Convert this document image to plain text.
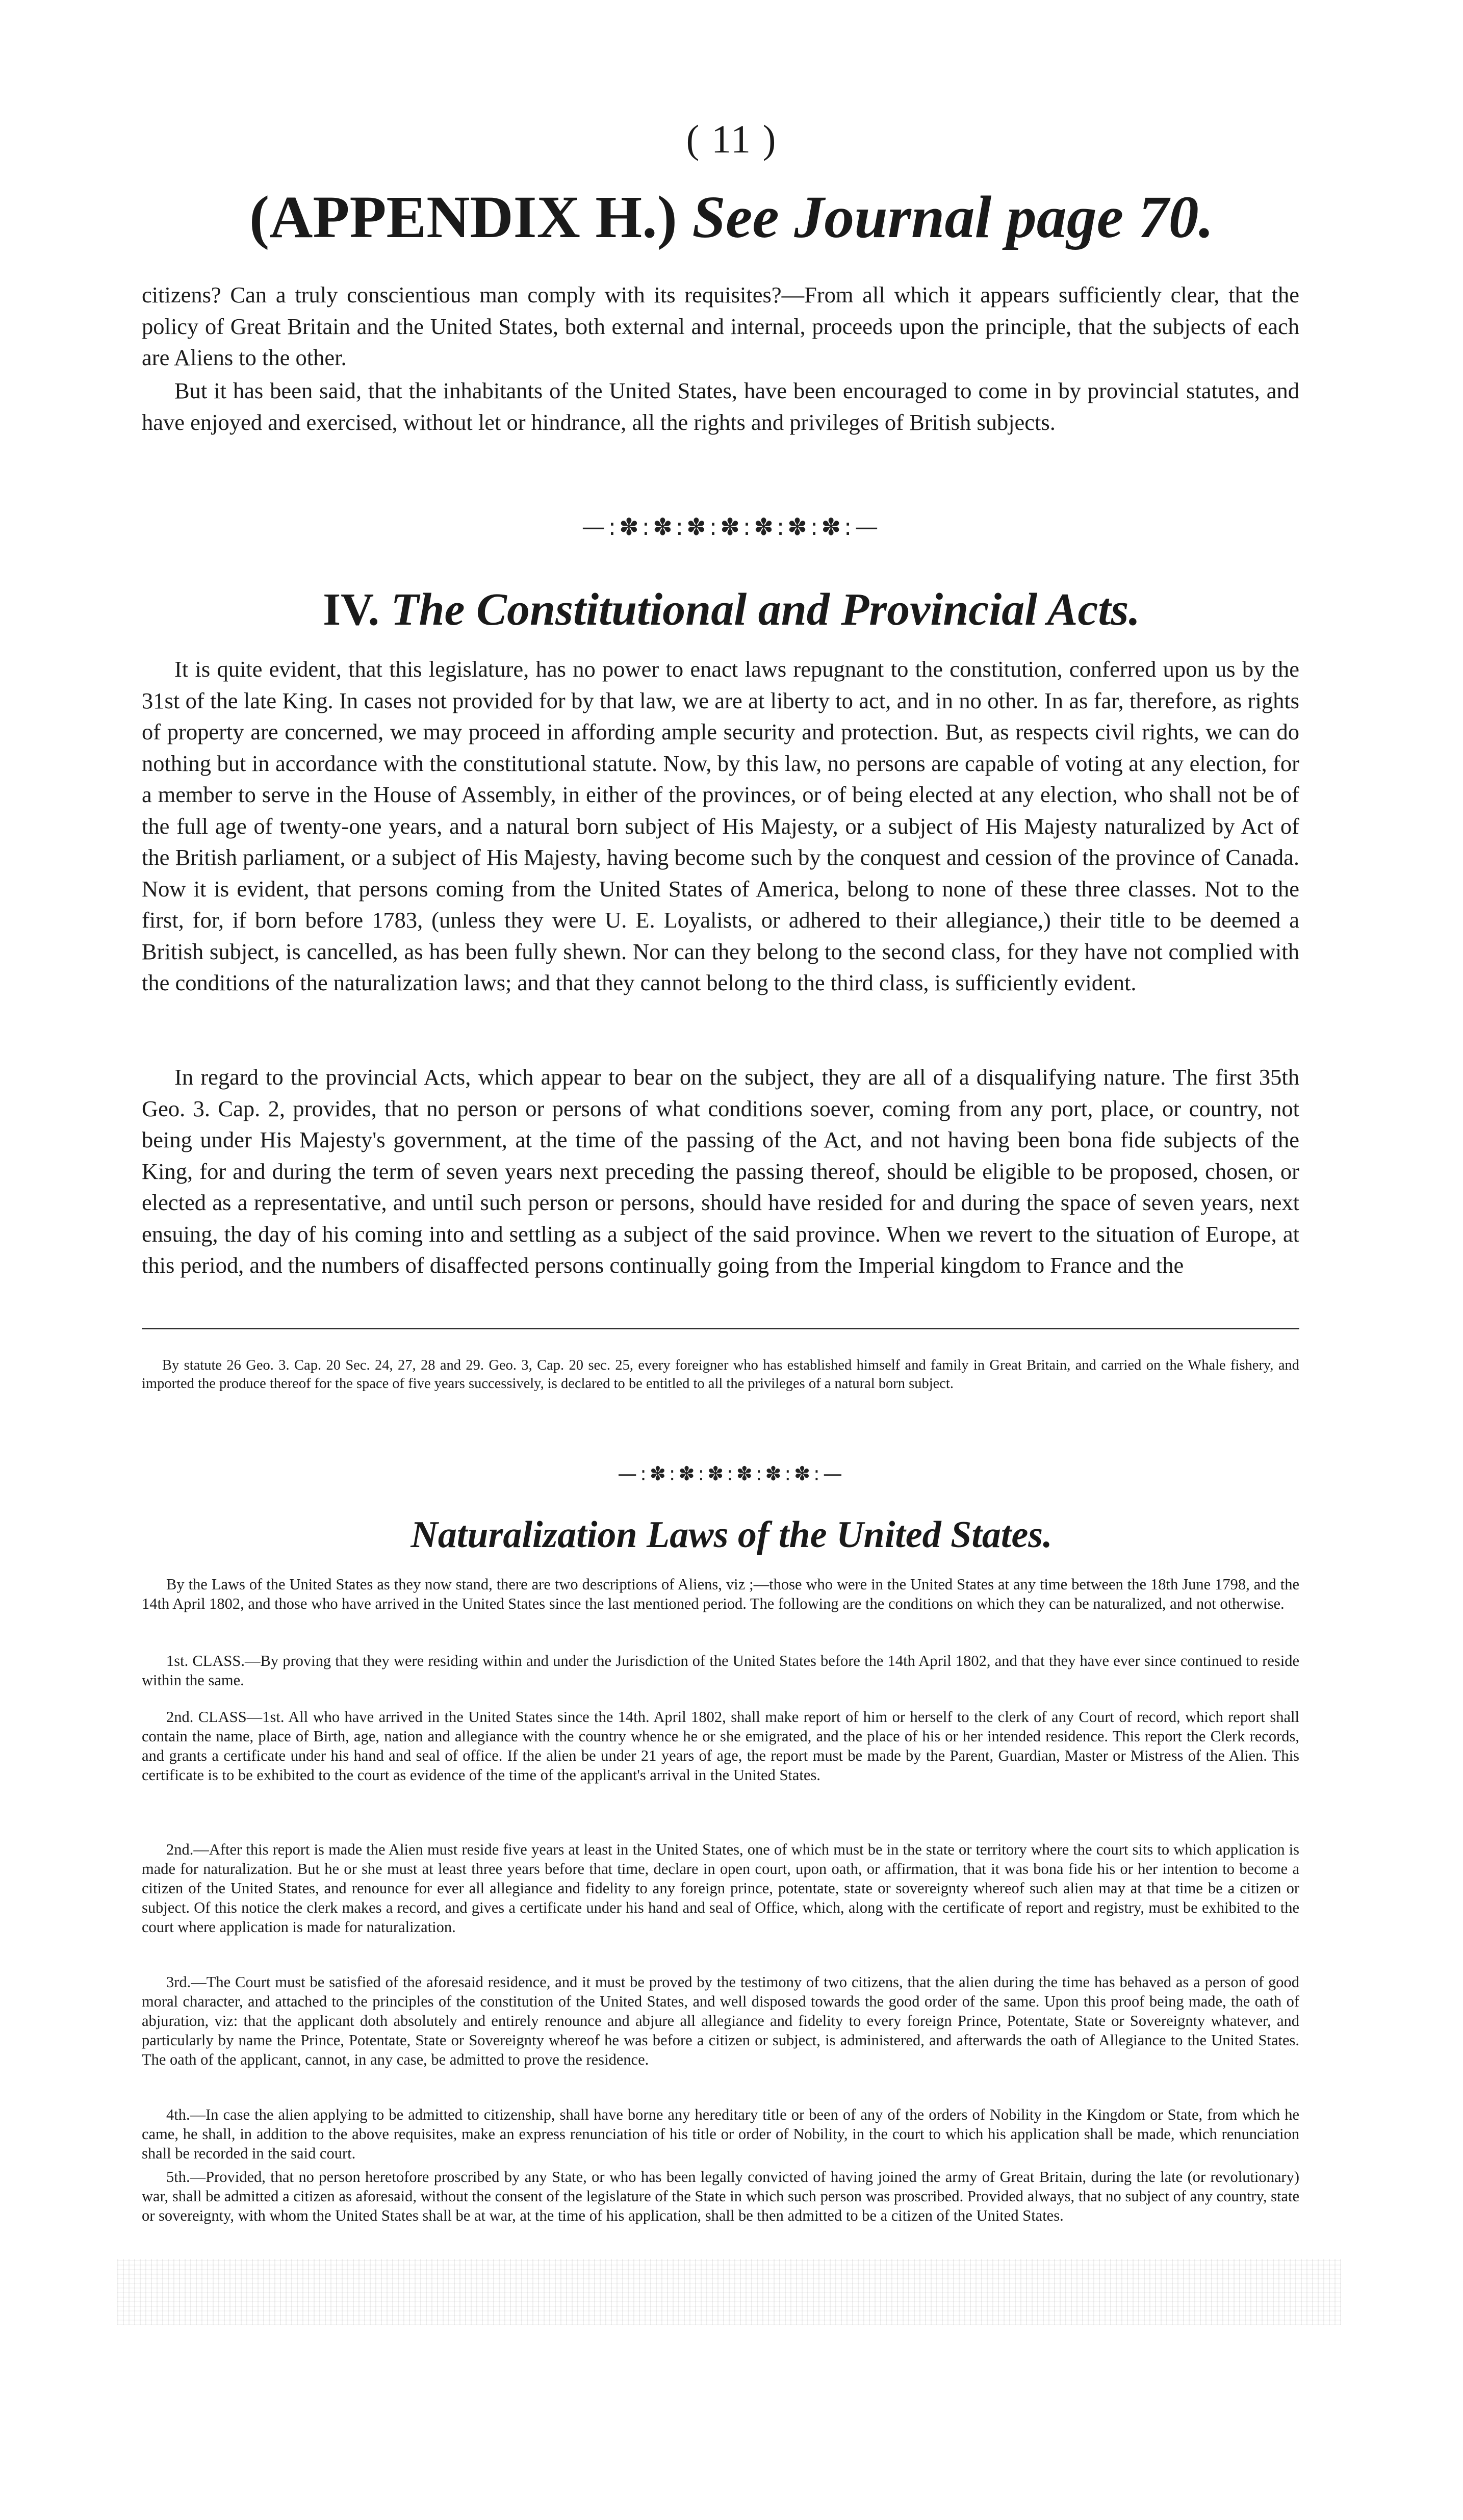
( 11 )
(APPENDIX H.) See Journal page 70.

citizens? Can a truly conscientious man comply with its requisites?—From all which it appears sufficiently clear, that the policy of Great Britain and the United States, both external and internal, proceeds upon the principle, that the subjects of each are Aliens to the other.

But it has been said, that the inhabitants of the United States, have been encouraged to come in by provincial statutes, and have enjoyed and exercised, without let or hindrance, all the rights and privileges of British subjects.

—:✽:✽:✽:✽:✽:✽:✽:—
IV. The Constitutional and Provincial Acts.

It is quite evident, that this legislature, has no power to enact laws repugnant to the constitution, conferred upon us by the 31st of the late King. In cases not provided for by that law, we are at liberty to act, and in no other. In as far, therefore, as rights of property are concerned, we may proceed in affording ample security and protection. But, as respects civil rights, we can do nothing but in accordance with the constitutional statute. Now, by this law, no persons are capable of voting at any election, for a member to serve in the House of Assembly, in either of the provinces, or of being elected at any election, who shall not be of the full age of twenty-one years, and a natural born subject of His Majesty, or a subject of His Majesty naturalized by Act of the British parliament, or a subject of His Majesty, having become such by the conquest and cession of the province of Canada. Now it is evident, that persons coming from the United States of America, belong to none of these three classes. Not to the first, for, if born before 1783, (unless they were U. E. Loyalists, or adhered to their allegiance,) their title to be deemed a British subject, is cancelled, as has been fully shewn. Nor can they belong to the second class, for they have not complied with the conditions of the naturalization laws; and that they cannot belong to the third class, is sufficiently evident.

In regard to the provincial Acts, which appear to bear on the subject, they are all of a disqualifying nature. The first 35th Geo. 3. Cap. 2, provides, that no person or persons of what conditions soever, coming from any port, place, or country, not being under His Majesty's government, at the time of the passing of the Act, and not having been bona fide subjects of the King, for and during the term of seven years next preceding the passing thereof, should be eligible to be proposed, chosen, or elected as a representative, and until such person or persons, should have resided for and during the space of seven years, next ensuing, the day of his coming into and settling as a subject of the said province. When we revert to the situation of Europe, at this period, and the numbers of disaffected persons continually going from the Imperial kingdom to France and the

By statute 26 Geo. 3. Cap. 20 Sec. 24, 27, 28 and 29. Geo. 3, Cap. 20 sec. 25, every foreigner who has established himself and family in Great Britain, and carried on the Whale fishery, and imported the produce thereof for the space of five years successively, is declared to be entitled to all the privileges of a natural born subject.

—:✽:✽:✽:✽:✽:✽:—
Naturalization Laws of the United States.

By the Laws of the United States as they now stand, there are two descriptions of Aliens, viz ;—those who were in the United States at any time between the 18th June 1798, and the 14th April 1802, and those who have arrived in the United States since the last mentioned period. The following are the conditions on which they can be naturalized, and not otherwise.

1st. CLASS.—By proving that they were residing within and under the Jurisdiction of the United States before the 14th April 1802, and that they have ever since continued to reside within the same.

2nd. CLASS—1st. All who have arrived in the United States since the 14th. April 1802, shall make report of him or herself to the clerk of any Court of record, which report shall contain the name, place of Birth, age, nation and allegiance with the country whence he or she emigrated, and the place of his or her intended residence. This report the Clerk records, and grants a certificate under his hand and seal of office. If the alien be under 21 years of age, the report must be made by the Parent, Guardian, Master or Mistress of the Alien. This certificate is to be exhibited to the court as evidence of the time of the applicant's arrival in the United States.

2nd.—After this report is made the Alien must reside five years at least in the United States, one of which must be in the state or territory where the court sits to which application is made for naturalization. But he or she must at least three years before that time, declare in open court, upon oath, or affirmation, that it was bona fide his or her intention to become a citizen of the United States, and renounce for ever all allegiance and fidelity to any foreign prince, potentate, state or sovereignty whereof such alien may at that time be a citizen or subject. Of this notice the clerk makes a record, and gives a certificate under his hand and seal of Office, which, along with the certificate of report and registry, must be exhibited to the court where application is made for naturalization.

3rd.—The Court must be satisfied of the aforesaid residence, and it must be proved by the testimony of two citizens, that the alien during the time has behaved as a person of good moral character, and attached to the principles of the constitution of the United States, and well disposed towards the good order of the same. Upon this proof being made, the oath of abjuration, viz: that the applicant doth absolutely and entirely renounce and abjure all allegiance and fidelity to every foreign Prince, Potentate, State or Sovereignty whatever, and particularly by name the Prince, Potentate, State or Sovereignty whereof he was before a citizen or subject, is administered, and afterwards the oath of Allegiance to the United States. The oath of the applicant, cannot, in any case, be admitted to prove the residence.

4th.—In case the alien applying to be admitted to citizenship, shall have borne any hereditary title or been of any of the orders of Nobility in the Kingdom or State, from which he came, he shall, in addition to the above requisites, make an express renunciation of his title or order of Nobility, in the court to which his application shall be made, which renunciation shall be recorded in the said court.

5th.—Provided, that no person heretofore proscribed by any State, or who has been legally convicted of having joined the army of Great Britain, during the late (or revolutionary) war, shall be admitted a citizen as aforesaid, without the consent of the legislature of the State in which such person was proscribed. Provided always, that no subject of any country, state or sovereignty, with whom the United States shall be at war, at the time of his application, shall be then admitted to be a citizen of the United States.
